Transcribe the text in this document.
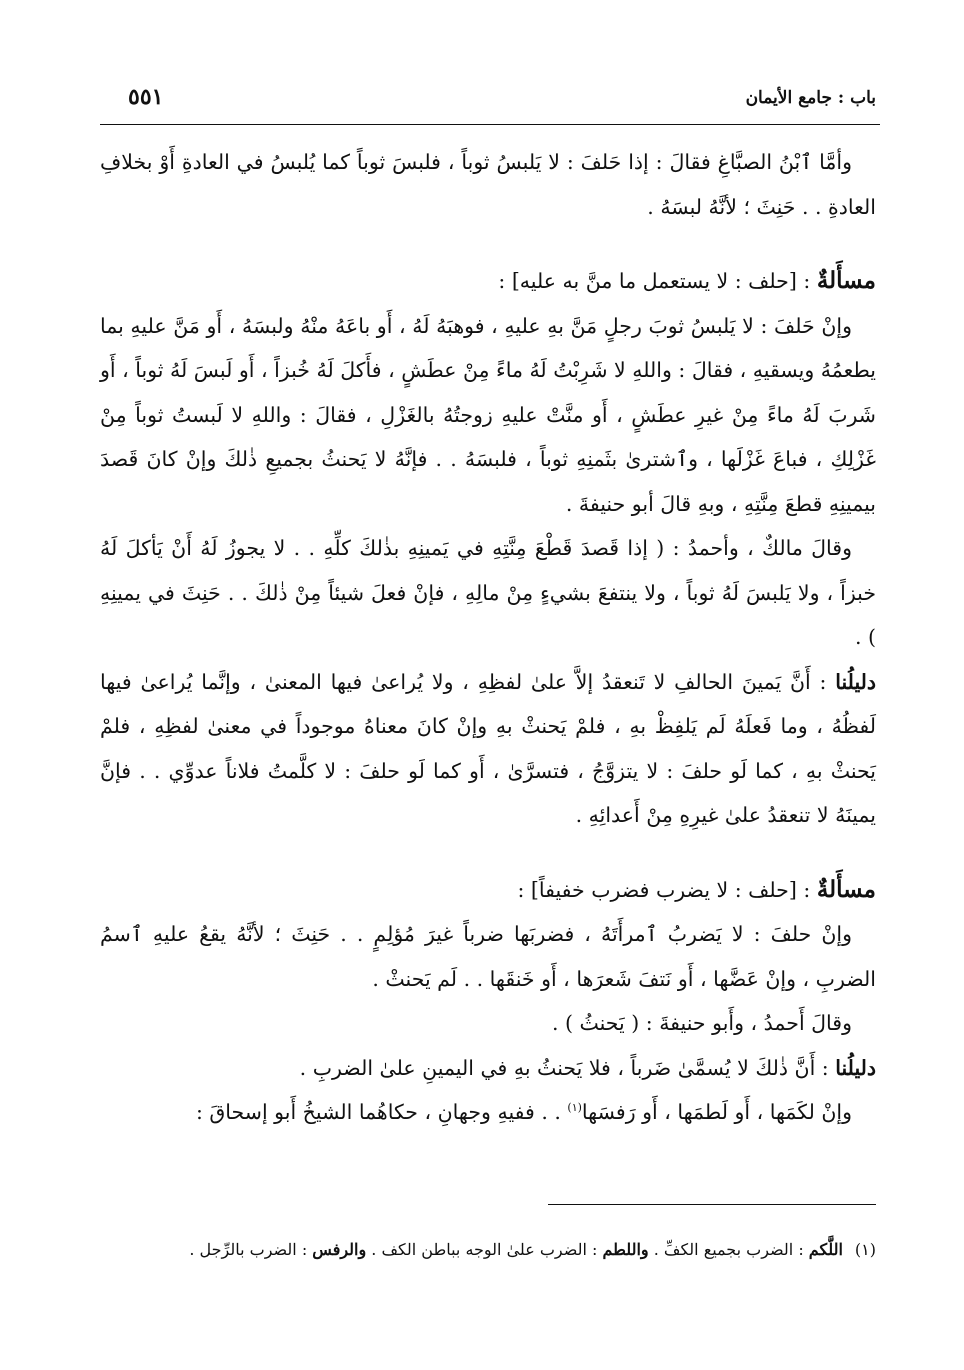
باب : جامع الأيمان
٥٥١

وأمَّا ٱبْنُ الصبَّاغِ فقالَ : إذا حَلفَ : لا يَلبسُ ثوباً ، فلبسَ ثوباً كما يُلبسُ في العادةِ أَوْ بخلافِ العادةِ . . حَنِثَ ؛ لأنَّهُ لبسَهُ .

مسأَلةٌ : [حلف : لا يستعمل ما منَّ به عليه] :

وإنْ حَلفَ : لا يَلبسُ ثوبَ رجلٍ مَنَّ بهِ عليهِ ، فوهبَهُ لَهُ ، أَو باعَهُ منْهُ ولبسَهُ ، أَو مَنَّ عليهِ بما يطعمُهُ ويسقيهِ ، فقالَ : واللهِ لا شَرِبْتُ لَهُ ماءً مِنْ عطَشٍ ، فأَكلَ لَهُ خُبزاً ، أَو لَبسَ لَهُ ثوباً ، أَو شَربَ لَهُ ماءً مِنْ غيرِ عطَشٍ ، أَو منَّتْ عليهِ زوجتُهُ بالغَزْلِ ، فقالَ : واللهِ لا لَبستُ ثوباً مِنْ غَزْلِكِ ، فباعَ غَزْلَها ، وٱشترىٰ بثَمنِهِ ثوباً ، فلبسَهُ . . فإنَّهُ لا يَحنثُ بجميعِ ذٰلكَ وإنْ كانَ قَصدَ بيمينِهِ قطعَ مِنَّتِهِ ، وبهِ قالَ أبو حنيفةَ .

وقالَ مالكٌ ، وأحمدُ : ( إذا قَصدَ قَطْعَ مِنَّتِهِ في يَمينِهِ بذٰلكَ كلِّهِ . . لا يجوزُ لَهُ أَنْ يَأكلَ لَهُ خبزاً ، ولا يَلبسَ لَهُ ثوباً ، ولا ينتفعَ بشيءٍ مِنْ مالِهِ ، فإنْ فعلَ شيئاً مِنْ ذٰلكَ . . حَنِثَ في يمينِهِ ) .

دليلُنا : أَنَّ يَمينَ الحالفِ لا تَنعقدُ إلاَّ علىٰ لفظِهِ ، ولا يُراعىٰ فيها المعنىٰ ، وإنَّما يُراعىٰ فيها لَفظُهُ ، وما فَعلَهُ لَم يَلفِظْ بهِ ، فلمْ يَحنثْ بهِ وإنْ كانَ معناهُ موجوداً في معنىٰ لفظِهِ ، فلمْ يَحنثْ بهِ ، كما لَو حلفَ : لا يتزوَّجُ ، فتسرَّىٰ ، أَو كما لَو حلفَ : لا كلَّمتُ فلاناً عدوِّي . . فإنَّ يمينَهُ لا تنعقدُ علىٰ غيرِهِ مِنْ أَعدائِهِ .

مسأَلةٌ : [حلف : لا يضرب فضرب خفيفاً] :

وإنْ حلفَ : لا يَضربُ ٱمرأَتَهُ ، فضربَها ضرباً غيرَ مُؤلِمٍ . . حَنِثَ ؛ لأنَّهُ يقعُ عليهِ ٱسمُ الضربِ ، وإنْ عَضَّها ، أَو نَتفَ شَعرَها ، أَو خَنقَها . . لَم يَحنثْ .

وقالَ أَحمدُ ، وأَبو حنيفةَ : ( يَحنثُ ) .

دليلُنا : أَنَّ ذٰلكَ لا يُسمَّىٰ ضَرباً ، فلا يَحنثُ بهِ في اليمينِ علىٰ الضربِ .

وإنْ لكَمَها ، أَو لَطمَها ، أَو رَفسَها$^{(١)}$ . . ففيهِ وجهانِ ، حكاهُما الشيخُ أَبو إسحاقَ :

(١)اللَّكم : الضرب بجميع الكفِّ . واللطم : الضرب علىٰ الوجه بباطن الكف . والرفس : الضرب بالرِّجل .
